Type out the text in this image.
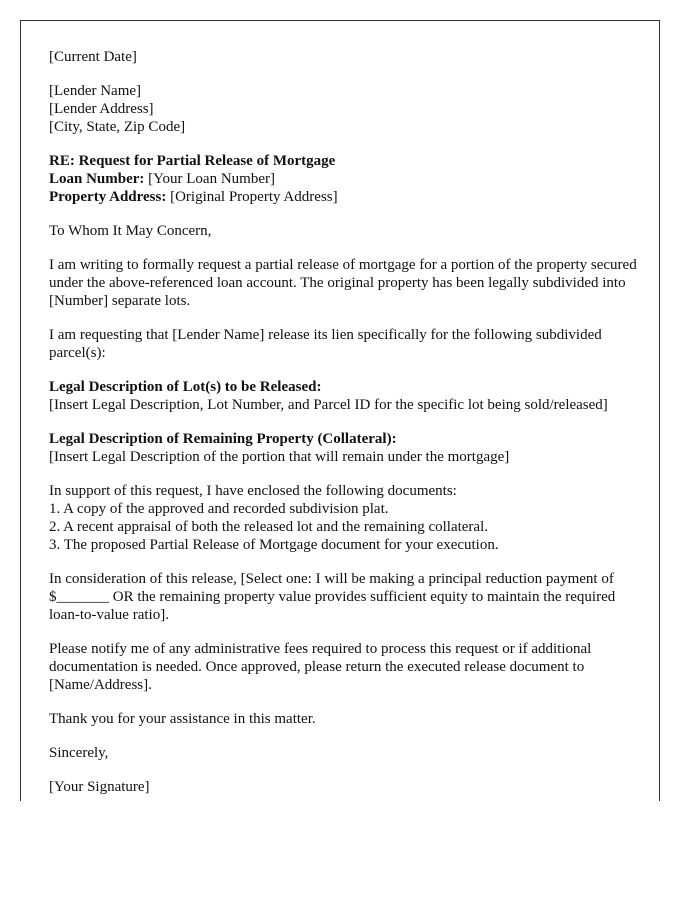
[Current Date]

[Lender Name]
[Lender Address]
[City, State, Zip Code]

RE: Request for Partial Release of Mortgage
Loan Number: [Your Loan Number]
Property Address: [Original Property Address]

To Whom It May Concern,

I am writing to formally request a partial release of mortgage for a portion of the property secured under the above-referenced loan account. The original property has been legally subdivided into [Number] separate lots.

I am requesting that [Lender Name] release its lien specifically for the following subdivided parcel(s):

Legal Description of Lot(s) to be Released:
[Insert Legal Description, Lot Number, and Parcel ID for the specific lot being sold/released]

Legal Description of Remaining Property (Collateral):
[Insert Legal Description of the portion that will remain under the mortgage]

In support of this request, I have enclosed the following documents:
1. A copy of the approved and recorded subdivision plat.
2. A recent appraisal of both the released lot and the remaining collateral.
3. The proposed Partial Release of Mortgage document for your execution.

In consideration of this release, [Select one: I will be making a principal reduction payment of $_______ OR the remaining property value provides sufficient equity to maintain the required loan-to-value ratio].

Please notify me of any administrative fees required to process this request or if additional documentation is needed. Once approved, please return the executed release document to [Name/Address].

Thank you for your assistance in this matter.

Sincerely,

[Your Signature]
